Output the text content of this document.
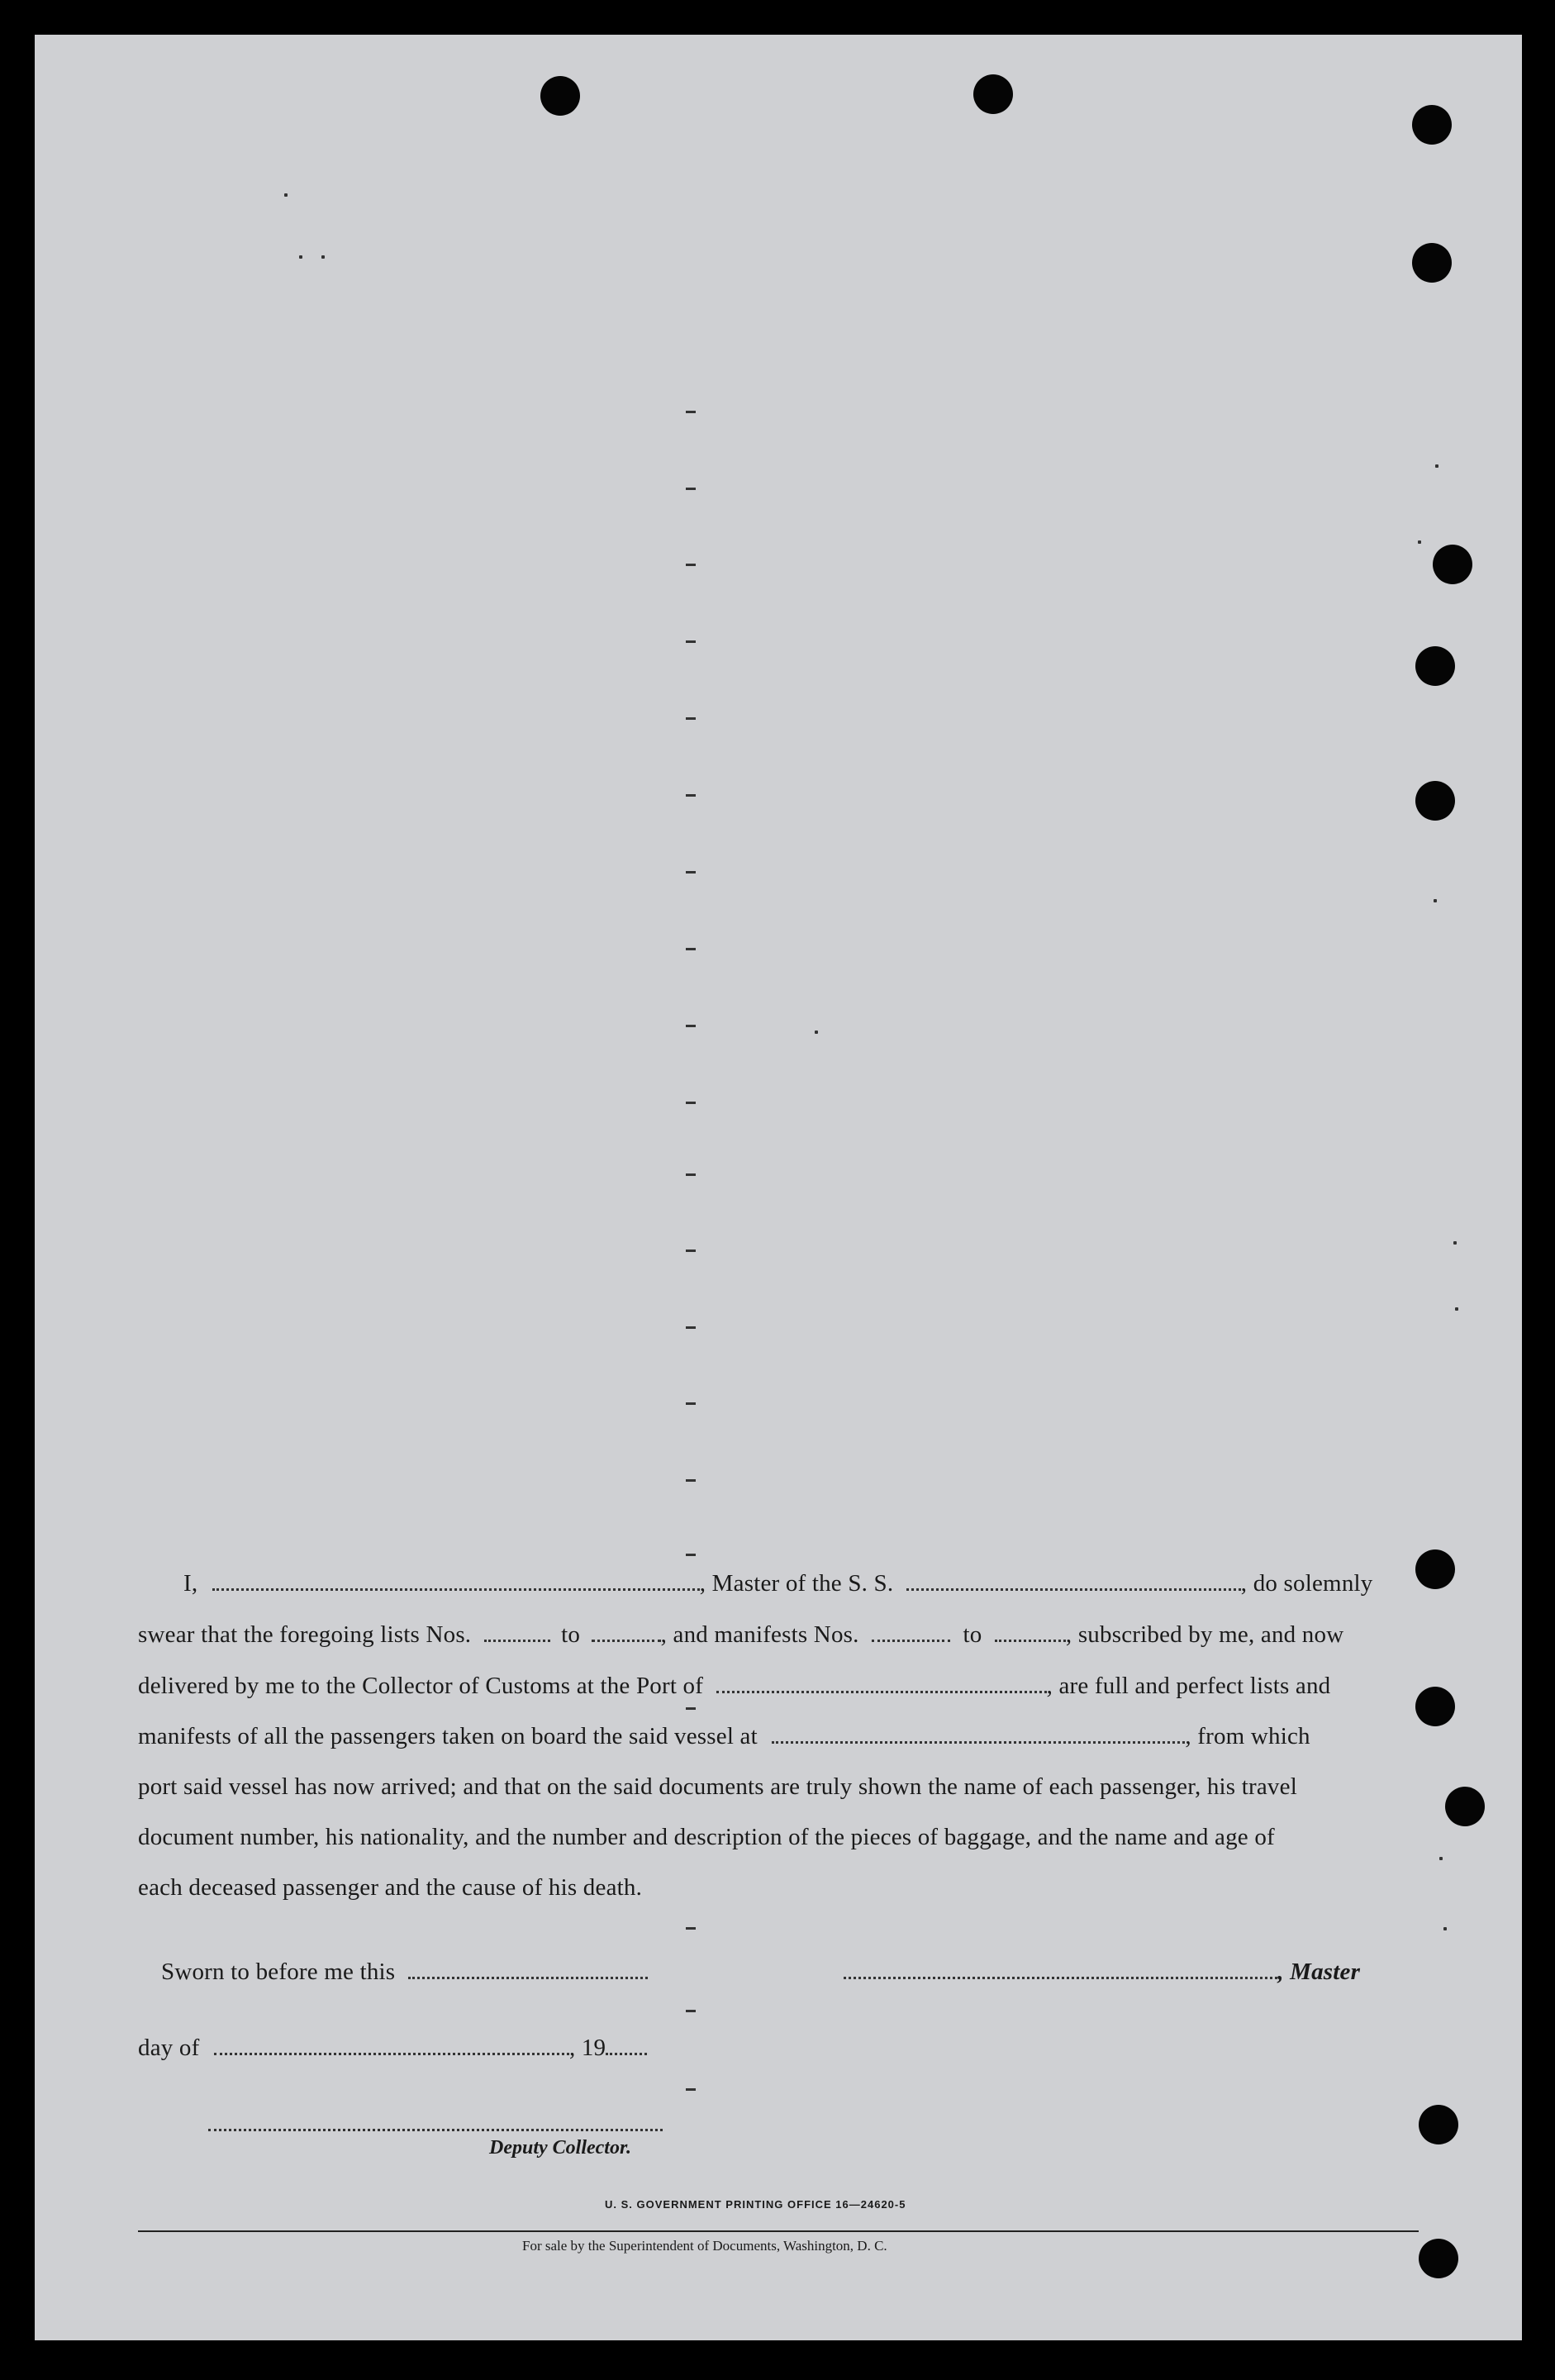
I,	, Master of the S. S.	, do solemnly
swear that the foregoing lists Nos.	to	, and manifests Nos.	to	, subscribed by me, and now
delivered by me to the Collector of Customs at the Port of	, are full and perfect lists and
manifests of all the passengers taken on board the said vessel at	, from which
port said vessel has now arrived; and that on the said documents are truly shown the name of each passenger, his travel
document number, his nationality, and the number and description of the pieces of baggage, and the name and age of
each deceased passenger and the cause of his death.
Sworn to before me this	, Master
day of	, 19
Deputy Collector.
U. S. GOVERNMENT PRINTING OFFICE 16—24620-5
For sale by the Superintendent of Documents, Washington, D. C.
